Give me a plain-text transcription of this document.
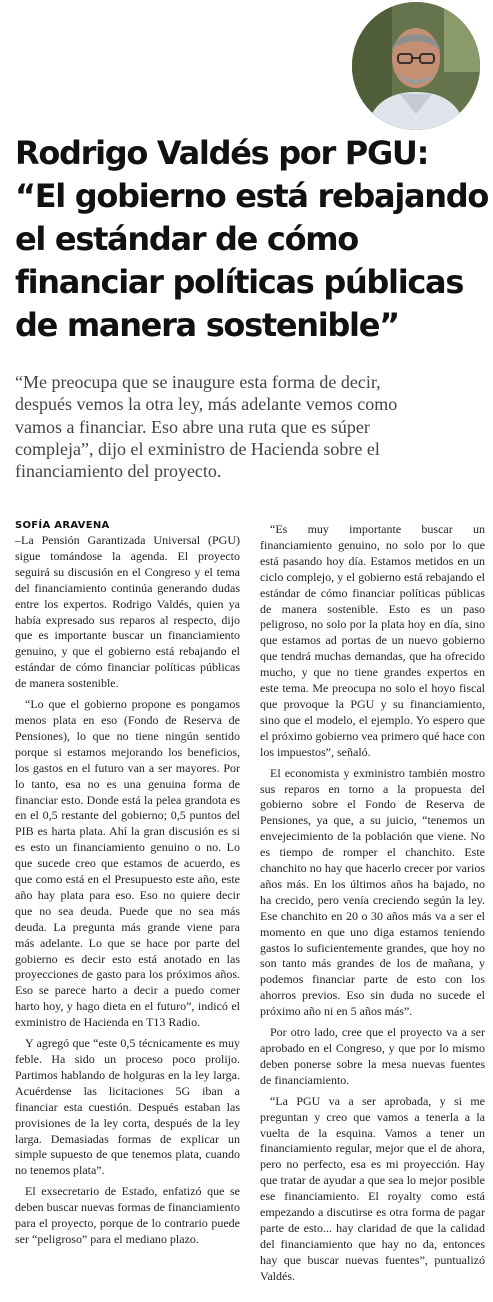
Rodrigo Valdés por PGU:
“El gobierno está rebajando
el estándar de cómo
financiar políticas públicas
de manera sostenible”
“Me preocupa que se inaugure esta forma de decir,
después vemos la otra ley, más adelante vemos como
vamos a financiar. Eso abre una ruta que es súper
compleja”, dijo el exministro de Hacienda sobre el
financiamiento del proyecto.
SOFÍA ARAVENA

–La Pensión Garantizada Universal (PGU) sigue tomándose la agenda. El proyecto seguirá su discusión en el Congreso y el tema del financiamiento continúa generando dudas entre los expertos. Rodrigo Valdés, quien ya había expresado sus reparos al respecto, dijo que es importante buscar un financiamiento genuino, y que el gobierno está rebajando el estándar de cómo financiar políticas públicas de manera sostenible.

“Lo que el gobierno propone es pongamos menos plata en eso (Fondo de Reserva de Pensiones), lo que no tiene ningún sentido porque si estamos mejorando los beneficios, los gastos en el futuro van a ser mayores. Por lo tanto, esa no es una genuina forma de financiar esto. Donde está la pelea grandota es en el 0,5 restante del gobierno; 0,5 puntos del PIB es harta plata. Ahí la gran discusión es si es esto un financiamiento genuino o no. Lo que sucede creo que estamos de acuerdo, es que como está en el Presupuesto este año, este año hay plata para eso. Eso no quiere decir que no sea deuda. Puede que no sea más deuda. La pregunta más grande viene para más adelante. Lo que se hace por parte del gobierno es decir esto está anotado en las proyecciones de gasto para los próximos años. Eso se parece harto a decir a puedo comer harto hoy, y hago dieta en el futuro”, indicó el exministro de Hacienda en T13 Radio.

Y agregó que “este 0,5 técnicamente es muy feble. Ha sido un proceso poco prolijo. Partimos hablando de holguras en la ley larga. Acuérdense las licitaciones 5G iban a financiar esta cuestión. Después estaban las provisiones de la ley corta, después de la ley larga. Demasiadas formas de explicar un simple supuesto de que tenemos plata, cuando no tenemos plata”.

El exsecretario de Estado, enfatizó que se deben buscar nuevas formas de financiamiento para el proyecto, porque de lo contrario puede ser “peligroso” para el mediano plazo.

“Es muy importante buscar un financiamiento genuino, no solo por lo que está pasando hoy día. Estamos metidos en un ciclo complejo, y el gobierno está rebajando el estándar de cómo financiar políticas públicas de manera sostenible. Esto es un paso peligroso, no solo por la plata hoy en día, sino que estamos ad portas de un nuevo gobierno que tendrá muchas demandas, que ha ofrecido mucho, y que no tiene grandes expertos en este tema. Me preocupa no solo el hoyo fiscal que provoque la PGU y su financiamiento, sino que el modelo, el ejemplo. Yo espero que el próximo gobierno vea primero qué hace con los impuestos”, señaló.

El economista y exministro también mostro sus reparos en torno a la propuesta del gobierno sobre el Fondo de Reserva de Pensiones, ya que, a su juicio, “tenemos un envejecimiento de la población que viene. No es tiempo de romper el chanchito. Este chanchito no hay que hacerlo crecer por varios años más. En los últimos años ha bajado, no ha crecido, pero venía creciendo según la ley. Ese chanchito en 20 o 30 años más va a ser el momento en que uno diga estamos teniendo gastos lo suficientemente grandes, que hoy no son tanto más grandes de los de mañana, y podemos financiar parte de esto con los ahorros previos. Eso sin duda no sucede el próximo año ni en 5 años más”.

Por otro lado, cree que el proyecto va a ser aprobado en el Congreso, y que por lo mismo deben ponerse sobre la mesa nuevas fuentes de financiamiento.

“La PGU va a ser aprobada, y si me preguntan y creo que vamos a tenerla a la vuelta de la esquina. Vamos a tener un financiamiento regular, mejor que el de ahora, pero no perfecto, esa es mi proyección. Hay que tratar de ayudar a que sea lo mejor posible ese financiamiento. El royalty como está empezando a discutirse es otra forma de pagar parte de esto... hay claridad de que la calidad del financiamiento que hay no da, entonces hay que buscar nuevas fuentes”, puntualizó Valdés.
